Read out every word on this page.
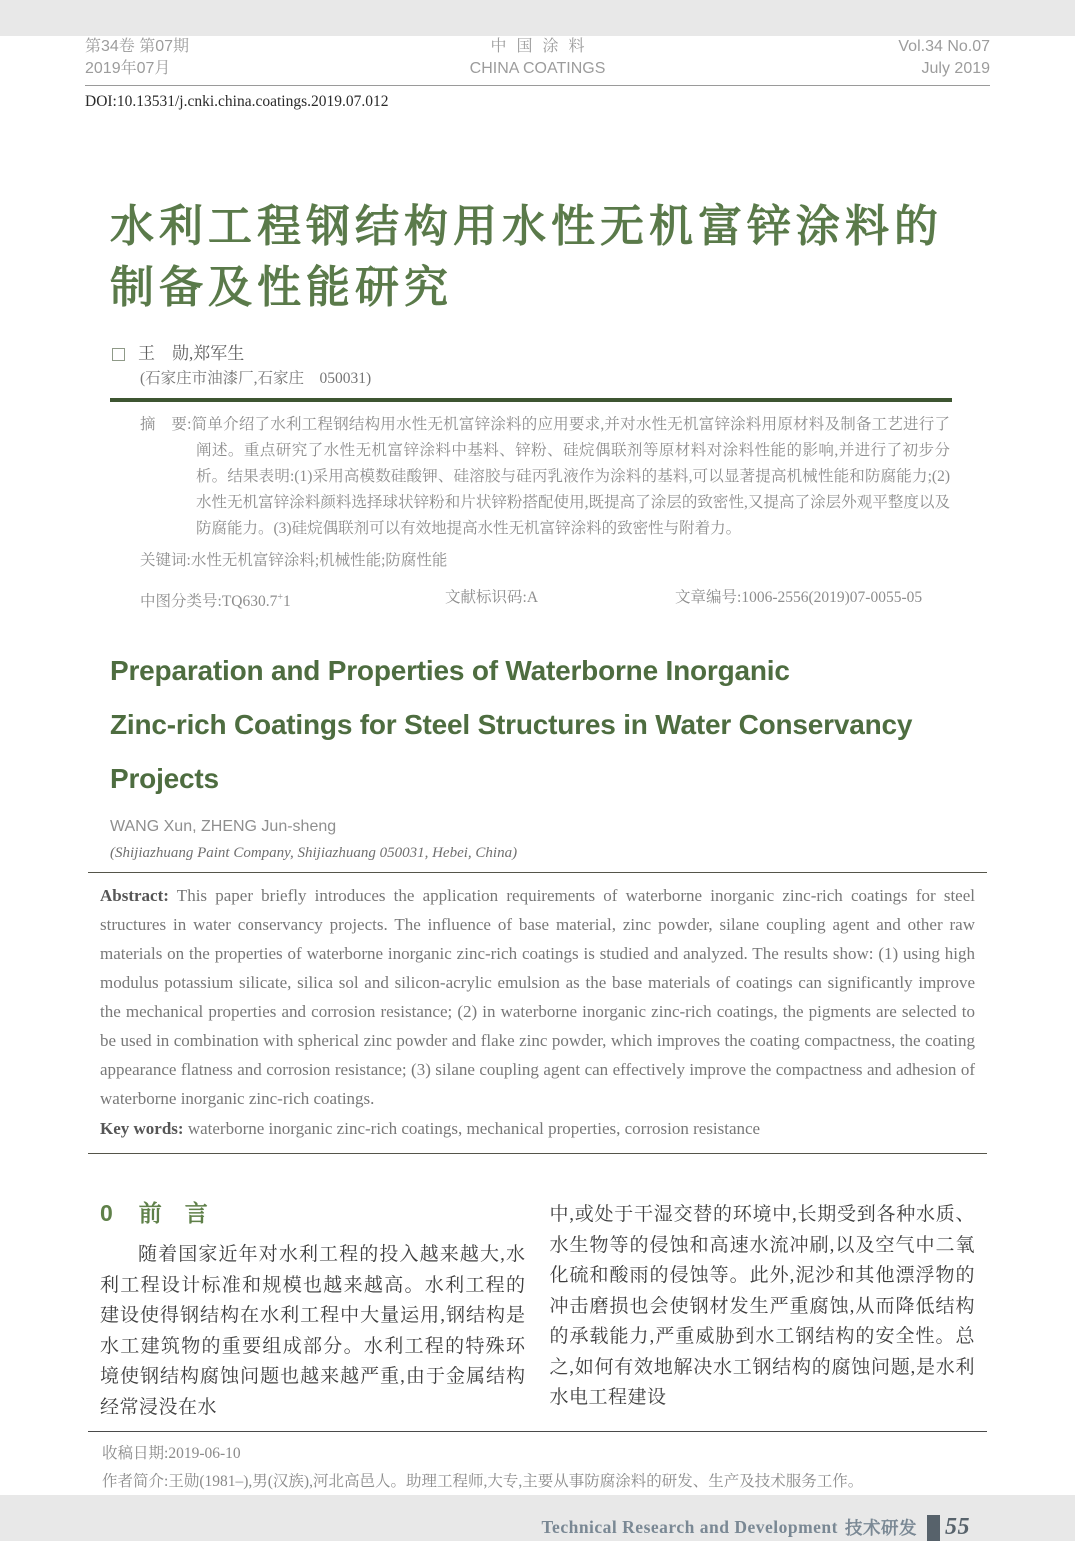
第34卷 第07期
2019年07月
中国涂料
CHINA COATINGS
Vol.34 No.07
July 2019
DOI:10.13531/j.cnki.china.coatings.2019.07.012
水利工程钢结构用水性无机富锌涂料的
制备及性能研究
王　勋,郑军生
(石家庄市油漆厂,石家庄　050031)

摘　要:简单介绍了水利工程钢结构用水性无机富锌涂料的应用要求,并对水性无机富锌涂料用原材料及制备工艺进行了阐述。重点研究了水性无机富锌涂料中基料、锌粉、硅烷偶联剂等原材料对涂料性能的影响,并进行了初步分析。结果表明:(1)采用高模数硅酸钾、硅溶胶与硅丙乳液作为涂料的基料,可以显著提高机械性能和防腐能力;(2)水性无机富锌涂料颜料选择球状锌粉和片状锌粉搭配使用,既提高了涂层的致密性,又提高了涂层外观平整度以及防腐能力。(3)硅烷偶联剂可以有效地提高水性无机富锌涂料的致密性与附着力。

关键词:水性无机富锌涂料;机械性能;防腐性能

中图分类号:TQ630.7+1	文献标识码:A	文章编号:1006-2556(2019)07-0055-05
Preparation and Properties of Waterborne Inorganic
Zinc-rich Coatings for Steel Structures in Water Conservancy
Projects
WANG Xun, ZHENG Jun-sheng
(Shijiazhuang Paint Company, Shijiazhuang 050031, Hebei, China)

Abstract: This paper briefly introduces the application requirements of waterborne inorganic zinc-rich coatings for steel structures in water conservancy projects. The influence of base material, zinc powder, silane coupling agent and other raw materials on the properties of waterborne inorganic zinc-rich coatings is studied and analyzed. The results show: (1) using high modulus potassium silicate, silica sol and silicon-acrylic emulsion as the base materials of coatings can significantly improve the mechanical properties and corrosion resistance; (2) in waterborne inorganic zinc-rich coatings, the pigments are selected to be used in combination with spherical zinc powder and flake zinc powder, which improves the coating compactness, the coating appearance flatness and corrosion resistance; (3) silane coupling agent can effectively improve the compactness and adhesion of waterborne inorganic zinc-rich coatings.

Key words: waterborne inorganic zinc-rich coatings, mechanical properties, corrosion resistance

0 前　言

随着国家近年对水利工程的投入越来越大,水利工程设计标准和规模也越来越高。水利工程的建设使得钢结构在水利工程中大量运用,钢结构是水工建筑物的重要组成部分。水利工程的特殊环境使钢结构腐蚀问题也越来越严重,由于金属结构经常浸没在水

中,或处于干湿交替的环境中,长期受到各种水质、水生物等的侵蚀和高速水流冲刷,以及空气中二氧化硫和酸雨的侵蚀等。此外,泥沙和其他漂浮物的冲击磨损也会使钢材发生严重腐蚀,从而降低结构的承载能力,严重威胁到水工钢结构的安全性。总之,如何有效地解决水工钢结构的腐蚀问题,是水利水电工程建设

收稿日期:2019-06-10
作者简介:王勋(1981–),男(汉族),河北高邑人。助理工程师,大专,主要从事防腐涂料的研发、生产及技术服务工作。
Technical Research and Development 技术研发 55
